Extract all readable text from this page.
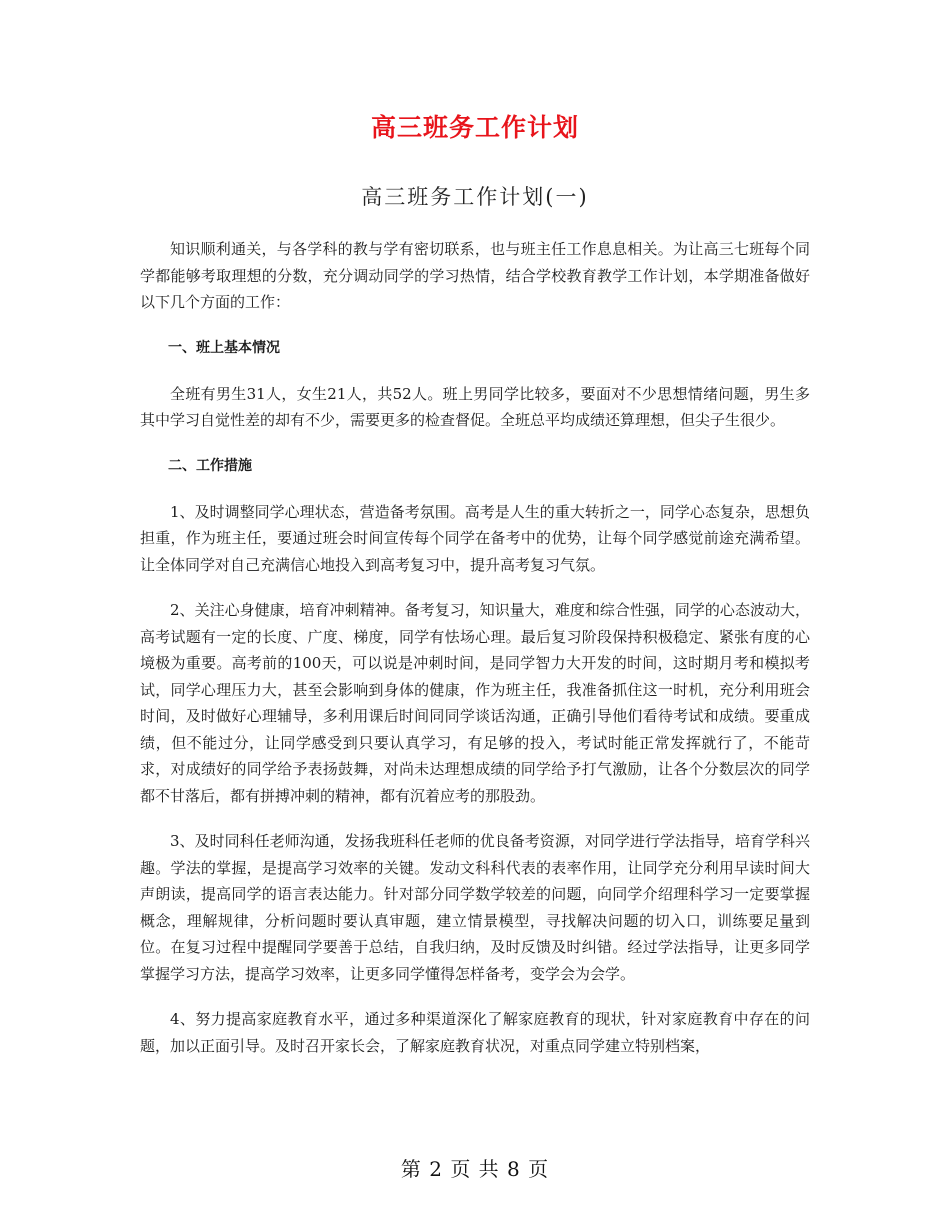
高三班务工作计划
高三班务工作计划(一)

知识顺利通关，与各学科的教与学有密切联系，也与班主任工作息息相关。为让高三七班每个同学都能够考取理想的分数，充分调动同学的学习热情，结合学校教育教学工作计划，本学期准备做好以下几个方面的工作：

一、班上基本情况

全班有男生31人，女生21人，共52人。班上男同学比较多，要面对不少思想情绪问题，男生多其中学习自觉性差的却有不少，需要更多的检查督促。全班总平均成绩还算理想，但尖子生很少。

二、工作措施

1、及时调整同学心理状态，营造备考氛围。高考是人生的重大转折之一，同学心态复杂，思想负担重，作为班主任，要通过班会时间宣传每个同学在备考中的优势，让每个同学感觉前途充满希望。让全体同学对自己充满信心地投入到高考复习中，提升高考复习气氛。

2、关注心身健康，培育冲刺精神。备考复习，知识量大，难度和综合性强，同学的心态波动大，高考试题有一定的长度、广度、梯度，同学有怯场心理。最后复习阶段保持积极稳定、紧张有度的心境极为重要。高考前的100天，可以说是冲刺时间，是同学智力大开发的时间，这时期月考和模拟考试，同学心理压力大，甚至会影响到身体的健康，作为班主任，我准备抓住这一时机，充分利用班会时间，及时做好心理辅导，多利用课后时间同同学谈话沟通，正确引导他们看待考试和成绩。要重成绩，但不能过分，让同学感受到只要认真学习，有足够的投入，考试时能正常发挥就行了，不能苛求，对成绩好的同学给予表扬鼓舞，对尚未达理想成绩的同学给予打气激励，让各个分数层次的同学都不甘落后，都有拼搏冲刺的精神，都有沉着应考的那股劲。

3、及时同科任老师沟通，发扬我班科任老师的优良备考资源，对同学进行学法指导，培育学科兴趣。学法的掌握，是提高学习效率的关键。发动文科科代表的表率作用，让同学充分利用早读时间大声朗读，提高同学的语言表达能力。针对部分同学数学较差的问题，向同学介绍理科学习一定要掌握概念，理解规律，分析问题时要认真审题，建立情景模型，寻找解决问题的切入口，训练要足量到位。在复习过程中提醒同学要善于总结，自我归纳，及时反馈及时纠错。经过学法指导，让更多同学掌握学习方法，提高学习效率，让更多同学懂得怎样备考，变学会为会学。

4、努力提高家庭教育水平，通过多种渠道深化了解家庭教育的现状，针对家庭教育中存在的问题，加以正面引导。及时召开家长会，了解家庭教育状况，对重点同学建立特别档案，

第 2 页 共 8 页
